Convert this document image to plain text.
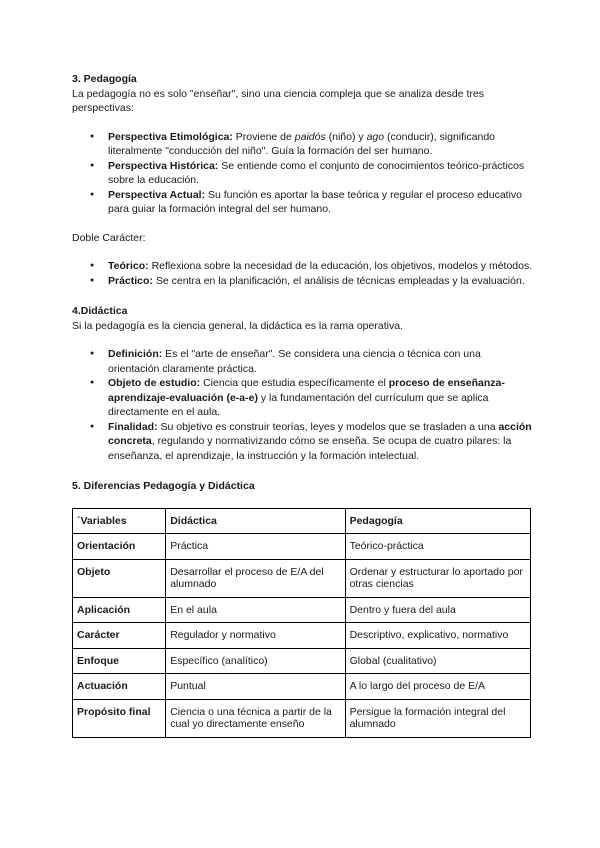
3. Pedagogía

La pedagogía no es solo "enseñar", sino una ciencia compleja que se analiza desde tres perspectivas:

● Perspectiva Etimológica: Proviene de paidós (niño) y ago (conducir), significando literalmente "conducción del niño". Guía la formación del ser humano.
● Perspectiva Histórica: Se entiende como el conjunto de conocimientos teórico-prácticos sobre la educación.
● Perspectiva Actual: Su función es aportar la base teórica y regular el proceso educativo para guiar la formación integral del ser humano.

Doble Carácter:

● Teórico: Reflexiona sobre la necesidad de la educación, los objetivos, modelos y métodos.
● Práctico: Se centra en la planificación, el análisis de técnicas empleadas y la evaluación.
4.Didáctica

Si la pedagogía es la ciencia general, la didáctica es la rama operativa.

● Definición: Es el "arte de enseñar". Se considera una ciencia o técnica con una orientación claramente práctica.
● Objeto de estudio: Ciencia que estudia específicamente el proceso de enseñanza-aprendizaje-evaluación (e-a-e) y la fundamentación del currículum que se aplica directamente en el aula.
● Finalidad: Su objetivo es construir teorías, leyes y modelos que se trasladen a una acción concreta, regulando y normativizando cómo se enseña. Se ocupa de cuatro pilares: la enseñanza, el aprendizaje, la instrucción y la formación intelectual.
5. Diferencias Pedagogía y Didáctica
´Variables	Didáctica	Pedagogía
Orientación	Práctica	Teórico-práctica
Objeto	Desarrollar el proceso de E/A del alumnado	Ordenar y estructurar lo aportado por otras ciencias
Aplicación	En el aula	Dentro y fuera del aula
Carácter	Regulador y normativo	Descriptivo, explicativo, normativo
Enfoque	Específico (analítico)	Global (cualitativo)
Actuación	Puntual	A lo largo del proceso de E/A
Propósito final	Ciencia o una técnica a partir de la cual yo directamente enseño	Persigue la formación integral del alumnado
